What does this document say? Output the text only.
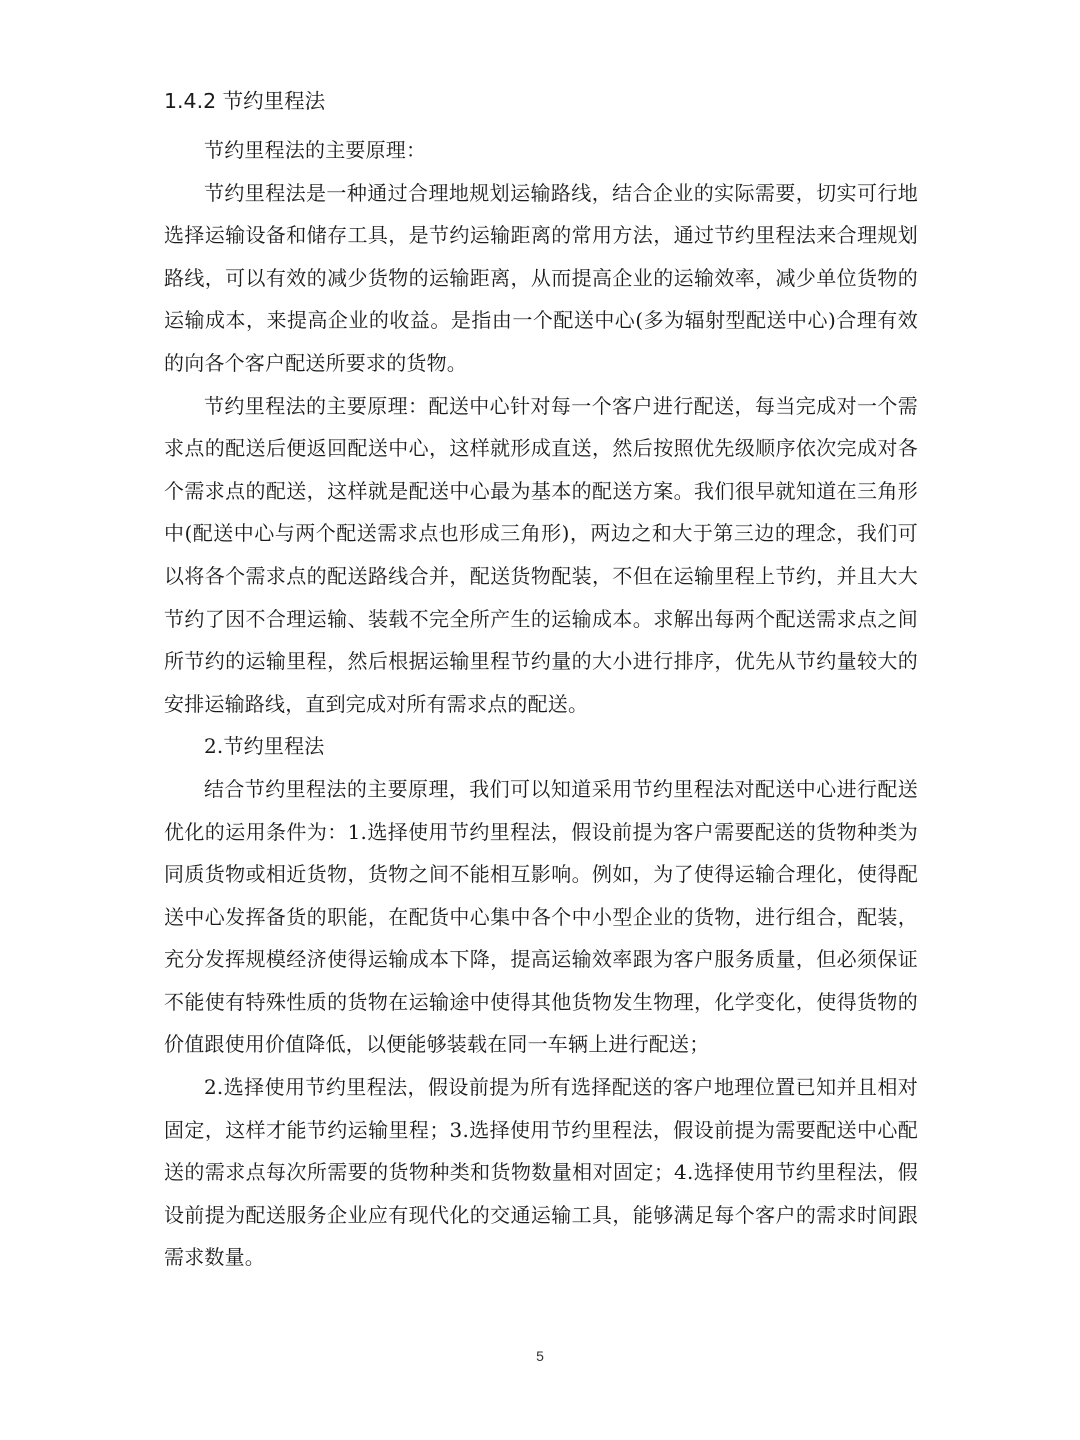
1.4.2 节约里程法

节约里程法的主要原理：

节约里程法是一种通过合理地规划运输路线，结合企业的实际需要，切实可行地选择运输设备和储存工具，是节约运输距离的常用方法，通过节约里程法来合理规划路线，可以有效的减少货物的运输距离，从而提高企业的运输效率，减少单位货物的运输成本，来提高企业的收益。是指由一个配送中心(多为辐射型配送中心)合理有效的向各个客户配送所要求的货物。

节约里程法的主要原理：配送中心针对每一个客户进行配送，每当完成对一个需求点的配送后便返回配送中心，这样就形成直送，然后按照优先级顺序依次完成对各个需求点的配送，这样就是配送中心最为基本的配送方案。我们很早就知道在三角形中(配送中心与两个配送需求点也形成三角形)，两边之和大于第三边的理念，我们可以将各个需求点的配送路线合并，配送货物配装，不但在运输里程上节约，并且大大节约了因不合理运输、装载不完全所产生的运输成本。求解出每两个配送需求点之间所节约的运输里程，然后根据运输里程节约量的大小进行排序，优先从节约量较大的安排运输路线，直到完成对所有需求点的配送。

2.节约里程法

结合节约里程法的主要原理，我们可以知道采用节约里程法对配送中心进行配送优化的运用条件为：1.选择使用节约里程法，假设前提为客户需要配送的货物种类为同质货物或相近货物，货物之间不能相互影响。例如，为了使得运输合理化，使得配送中心发挥备货的职能，在配货中心集中各个中小型企业的货物，进行组合，配装，充分发挥规模经济使得运输成本下降，提高运输效率跟为客户服务质量，但必须保证不能使有特殊性质的货物在运输途中使得其他货物发生物理，化学变化，使得货物的价值跟使用价值降低，以便能够装载在同一车辆上进行配送；

2.选择使用节约里程法，假设前提为所有选择配送的客户地理位置已知并且相对固定，这样才能节约运输里程；3.选择使用节约里程法，假设前提为需要配送中心配送的需求点每次所需要的货物种类和货物数量相对固定；4.选择使用节约里程法，假设前提为配送服务企业应有现代化的交通运输工具，能够满足每个客户的需求时间跟需求数量。

5
